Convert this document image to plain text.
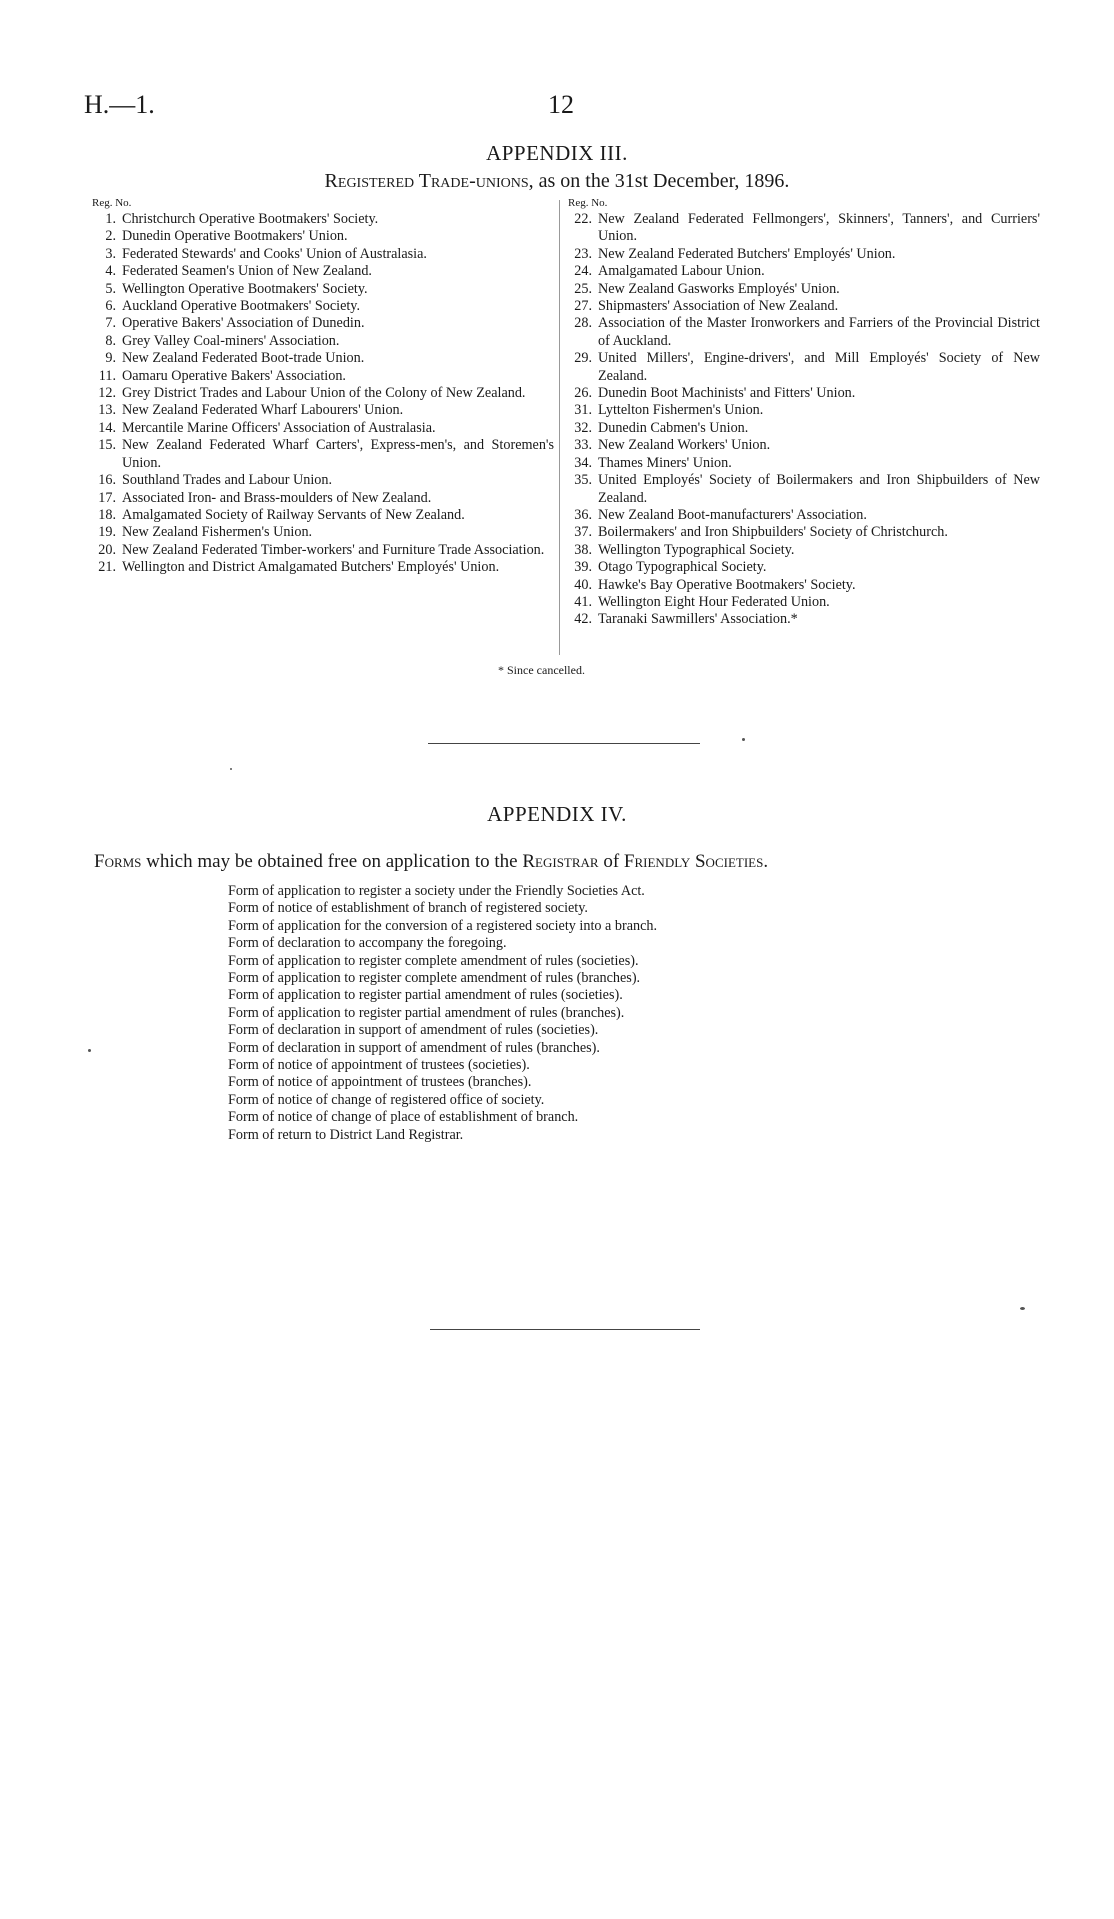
H.—1.	12
APPENDIX III.
Registered Trade-unions, as on the 31st December, 1896.
Reg. No.
1. Christchurch Operative Bootmakers' Society.
2. Dunedin Operative Bootmakers' Union.
3. Federated Stewards' and Cooks' Union of Australasia.
4. Federated Seamen's Union of New Zealand.
5. Wellington Operative Bootmakers' Society.
6. Auckland Operative Bootmakers' Society.
7. Operative Bakers' Association of Dunedin.
8. Grey Valley Coal-miners' Association.
9. New Zealand Federated Boot-trade Union.
11. Oamaru Operative Bakers' Association.
12. Grey District Trades and Labour Union of the Colony of New Zealand.
13. New Zealand Federated Wharf Labourers' Union.
14. Mercantile Marine Officers' Association of Australasia.
15. New Zealand Federated Wharf Carters', Express-men's, and Storemen's Union.
16. Southland Trades and Labour Union.
17. Associated Iron- and Brass-moulders of New Zealand.
18. Amalgamated Society of Railway Servants of New Zealand.
19. New Zealand Fishermen's Union.
20. New Zealand Federated Timber-workers' and Furniture Trade Association.
21. Wellington and District Amalgamated Butchers' Employés' Union.
Reg. No.
22. New Zealand Federated Fellmongers', Skinners', Tanners', and Curriers' Union.
23. New Zealand Federated Butchers' Employés' Union.
24. Amalgamated Labour Union.
25. New Zealand Gasworks Employés' Union.
27. Shipmasters' Association of New Zealand.
28. Association of the Master Ironworkers and Farriers of the Provincial District of Auckland.
29. United Millers', Engine-drivers', and Mill Employés' Society of New Zealand.
26. Dunedin Boot Machinists' and Fitters' Union.
31. Lyttelton Fishermen's Union.
32. Dunedin Cabmen's Union.
33. New Zealand Workers' Union.
34. Thames Miners' Union.
35. United Employés' Society of Boilermakers and Iron Shipbuilders of New Zealand.
36. New Zealand Boot-manufacturers' Association.
37. Boilermakers' and Iron Shipbuilders' Society of Christchurch.
38. Wellington Typographical Society.
39. Otago Typographical Society.
40. Hawke's Bay Operative Bootmakers' Society.
41. Wellington Eight Hour Federated Union.
42. Taranaki Sawmillers' Association.*
* Since cancelled.
APPENDIX IV.
Forms which may be obtained free on application to the Registrar of Friendly Societies.
Form of application to register a society under the Friendly Societies Act.
Form of notice of establishment of branch of registered society.
Form of application for the conversion of a registered society into a branch.
Form of declaration to accompany the foregoing.
Form of application to register complete amendment of rules (societies).
Form of application to register complete amendment of rules (branches).
Form of application to register partial amendment of rules (societies).
Form of application to register partial amendment of rules (branches).
Form of declaration in support of amendment of rules (societies).
Form of declaration in support of amendment of rules (branches).
Form of notice of appointment of trustees (societies).
Form of notice of appointment of trustees (branches).
Form of notice of change of registered office of society.
Form of notice of change of place of establishment of branch.
Form of return to District Land Registrar.
